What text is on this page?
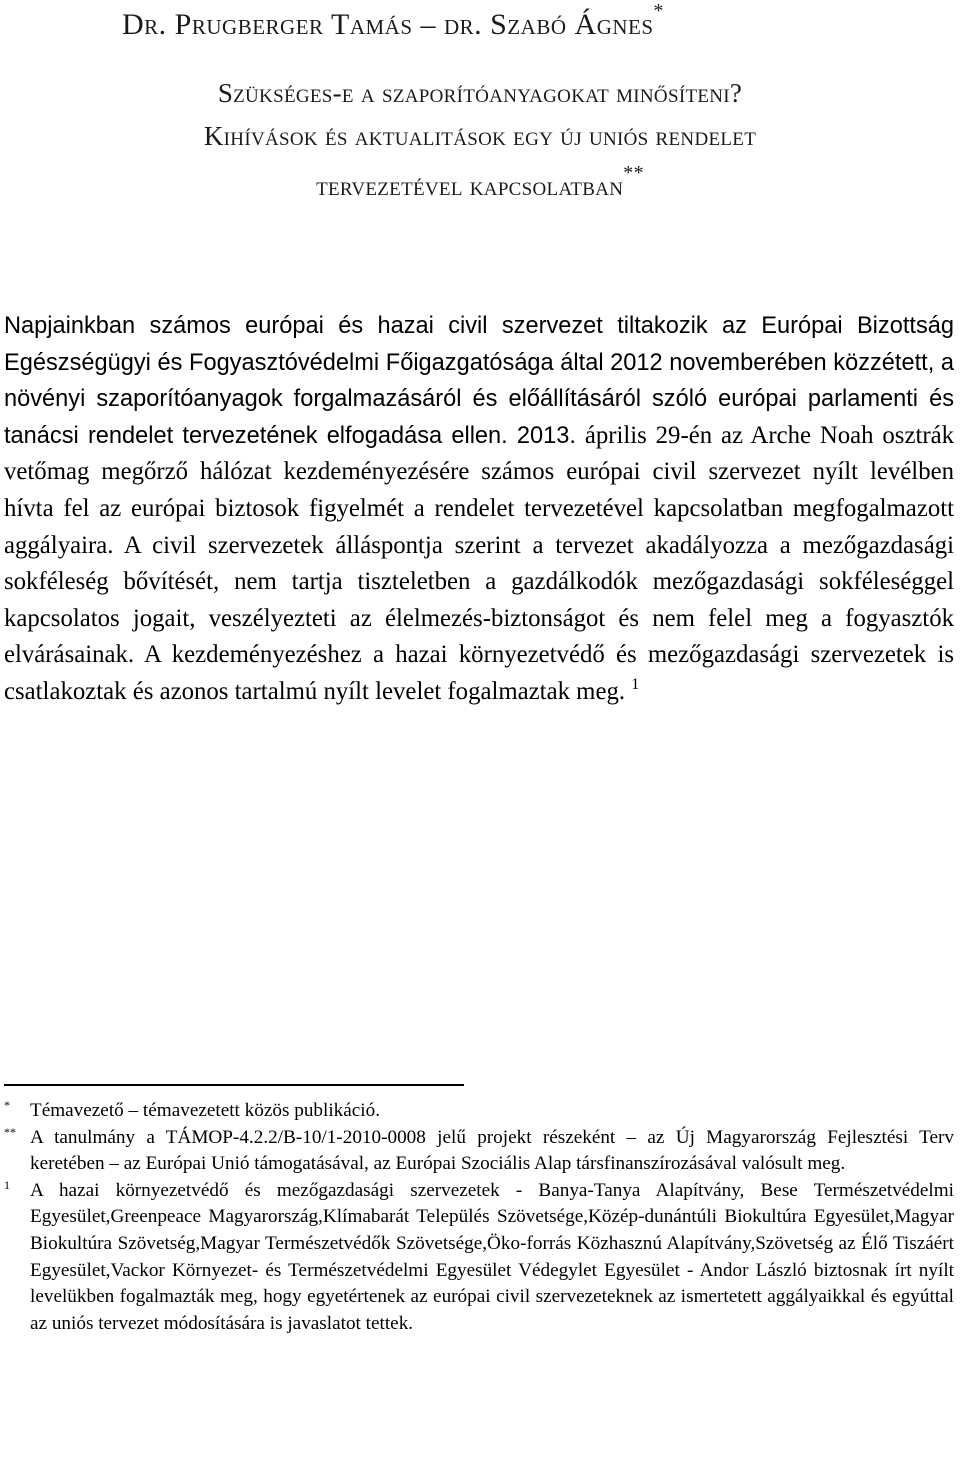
Dr. Prugberger Tamás – dr. Szabó Ágnes*
Szükséges-e a szaporítóanyagokat minősíteni?
Kihívások és aktualitások egy új uniós rendelet
tervezetével kapcsolatban**
Napjainkban számos európai és hazai civil szervezet tiltakozik az Európai Bizottság Egészségügyi és Fogyasztóvédelmi Főigazgatósága által 2012 novemberében közzétett, a növényi szaporítóanyagok forgalmazásáról és előállításáról szóló európai parlamenti és tanácsi rendelet tervezetének elfogadása ellen. 2013. április 29-én az Arche Noah osztrák vetőmag megőrző hálózat kezdeményezésére számos európai civil szervezet nyílt levélben hívta fel az európai biztosok figyelmét a rendelet tervezetével kapcsolatban megfogalmazott aggályaira. A civil szervezetek álláspontja szerint a tervezet akadályozza a mezőgazdasági sokféleség bővítését, nem tartja tiszteletben a gazdálkodók mezőgazdasági sokféleséggel kapcsolatos jogait, veszélyezteti az élelmezés-biztonságot és nem felel meg a fogyasztók elvárásainak. A kezdeményezéshez a hazai környezetvédő és mezőgazdasági szervezetek is csatlakoztak és azonos tartalmú nyílt levelet fogalmaztak meg. $^1$
*	Témavezető – témavezetett közös publikáció.
** A tanulmány a TÁMOP-4.2.2/B-10/1-2010-0008 jelű projekt részeként – az Új Magyarország Fejlesztési Terv keretében – az Európai Unió támogatásával, az Európai Szociális Alap társfinanszírozásával valósult meg.
1	A hazai környezetvédő és mezőgazdasági szervezetek - Banya-Tanya Alapítvány, Bese Természetvédelmi Egyesület,Greenpeace Magyarország,Klímabarát Település Szövetsége,Közép-dunántúli Biokultúra Egyesület,Magyar Biokultúra Szövetség,Magyar Természetvédők Szövetsége,Öko-forrás Közhasznú Alapítvány,Szövetség az Élő Tiszáért Egyesület,Vackor Környezet- és Természetvédelmi Egyesület Védegylet Egyesület - Andor László biztosnak írt nyílt levelükben fogalmazták meg, hogy egyetértenek az európai civil szervezeteknek az ismertetett aggályaikkal és egyúttal az uniós tervezet módosítására is javaslatot tettek.
